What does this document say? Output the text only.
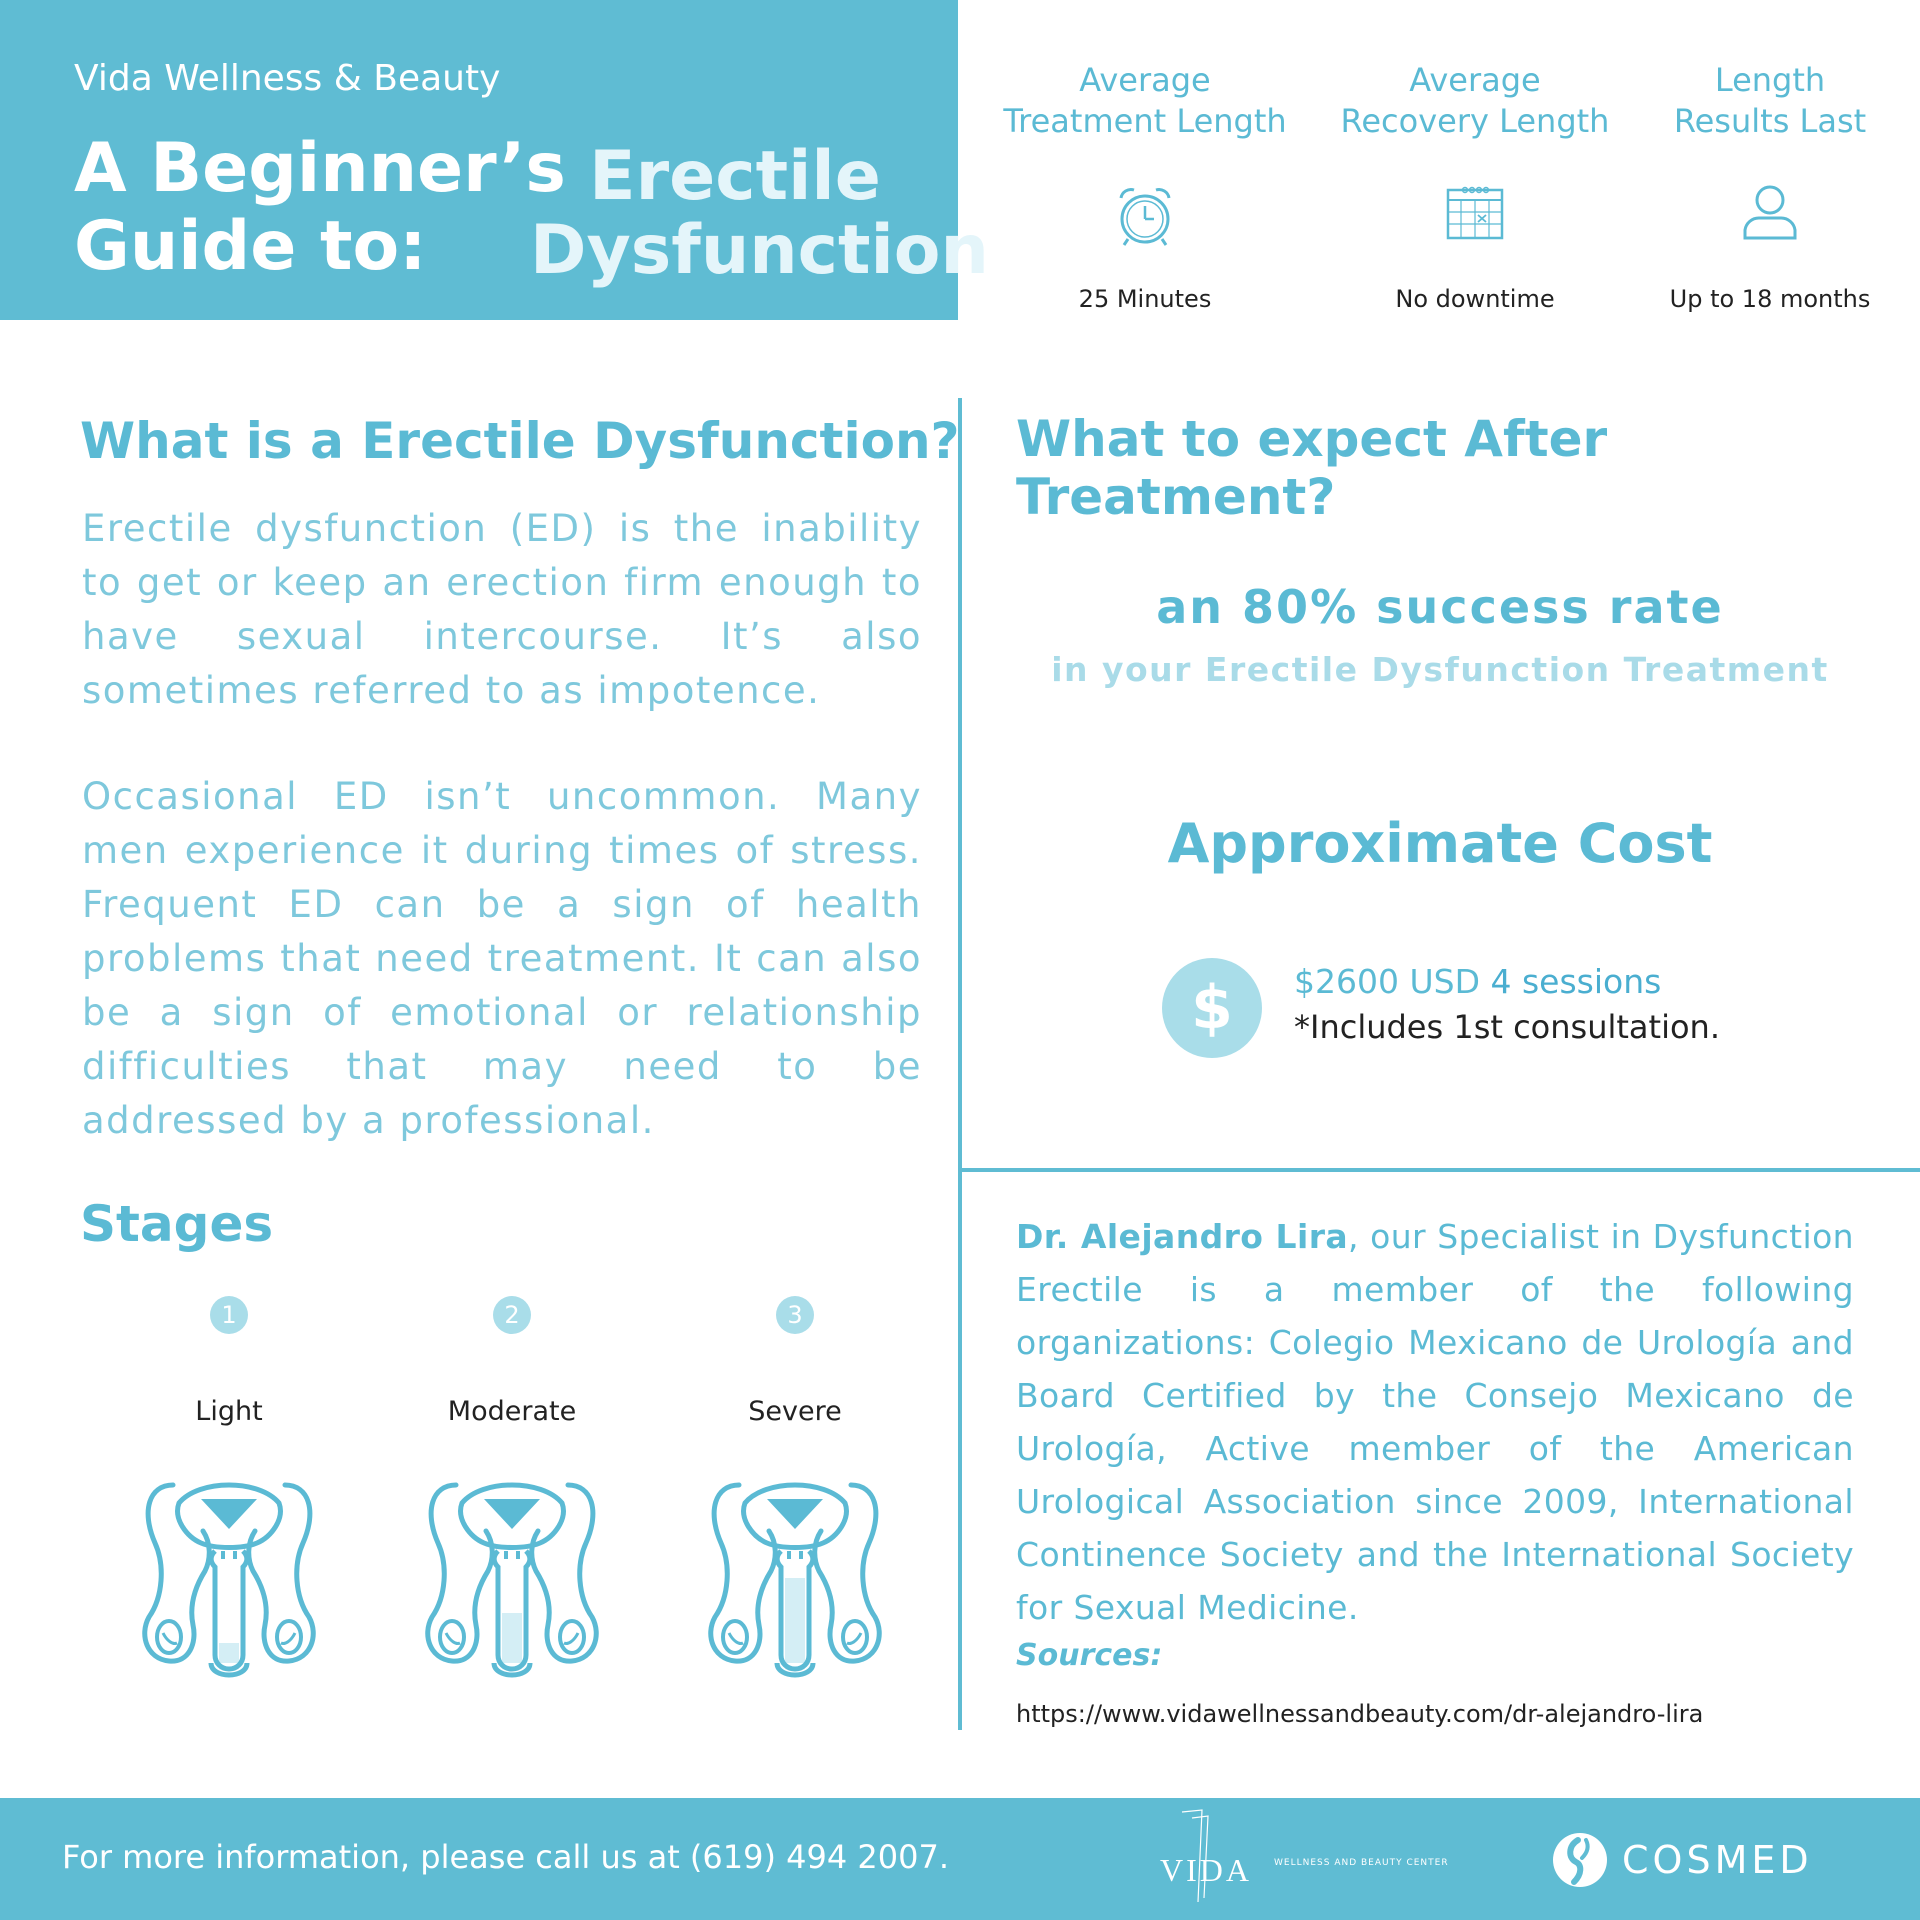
Vida Wellness & Beauty
A Beginner’s
Guide to:
Erectile
Dysfunction
Average
Treatment Length
25 Minutes
Average
Recovery Length
No downtime
Length
Results Last
Up to 18 months
What is a Erectile Dysfunction?
Erectile dysfunction (ED) is the inability to get or keep an erection firm enough to have sexual intercourse. It’s also sometimes referred to as impotence.
Occasional ED isn’t uncommon. Many men experience it during times of stress. Frequent ED can be a sign of health problems that need treatment. It can also be a sign of emotional or relationship difficulties that may need to be addressed by a professional.
Stages
1
Light
2
Moderate
3
Severe
What to expect After Treatment?
an 80% success rate
in your Erectile Dysfunction Treatment
Approximate Cost
$	$2600 USD 4 sessions
*Includes 1st consultation.
Dr. Alejandro Lira, our Specialist in Dysfunction Erectile is a member of the following organizations: Colegio Mexicano de Urología and Board Certified by the Consejo Mexicano de Urología, Active member of the American Urological Association since 2009, International Continence Society and the International Society for Sexual Medicine.
Sources:
https://www.vidawellnessandbeauty.com/dr-alejandro-lira
For more information, please call us at (619) 494 2007.	VIDA WELLNESS AND BEAUTY CENTER	COSMED
